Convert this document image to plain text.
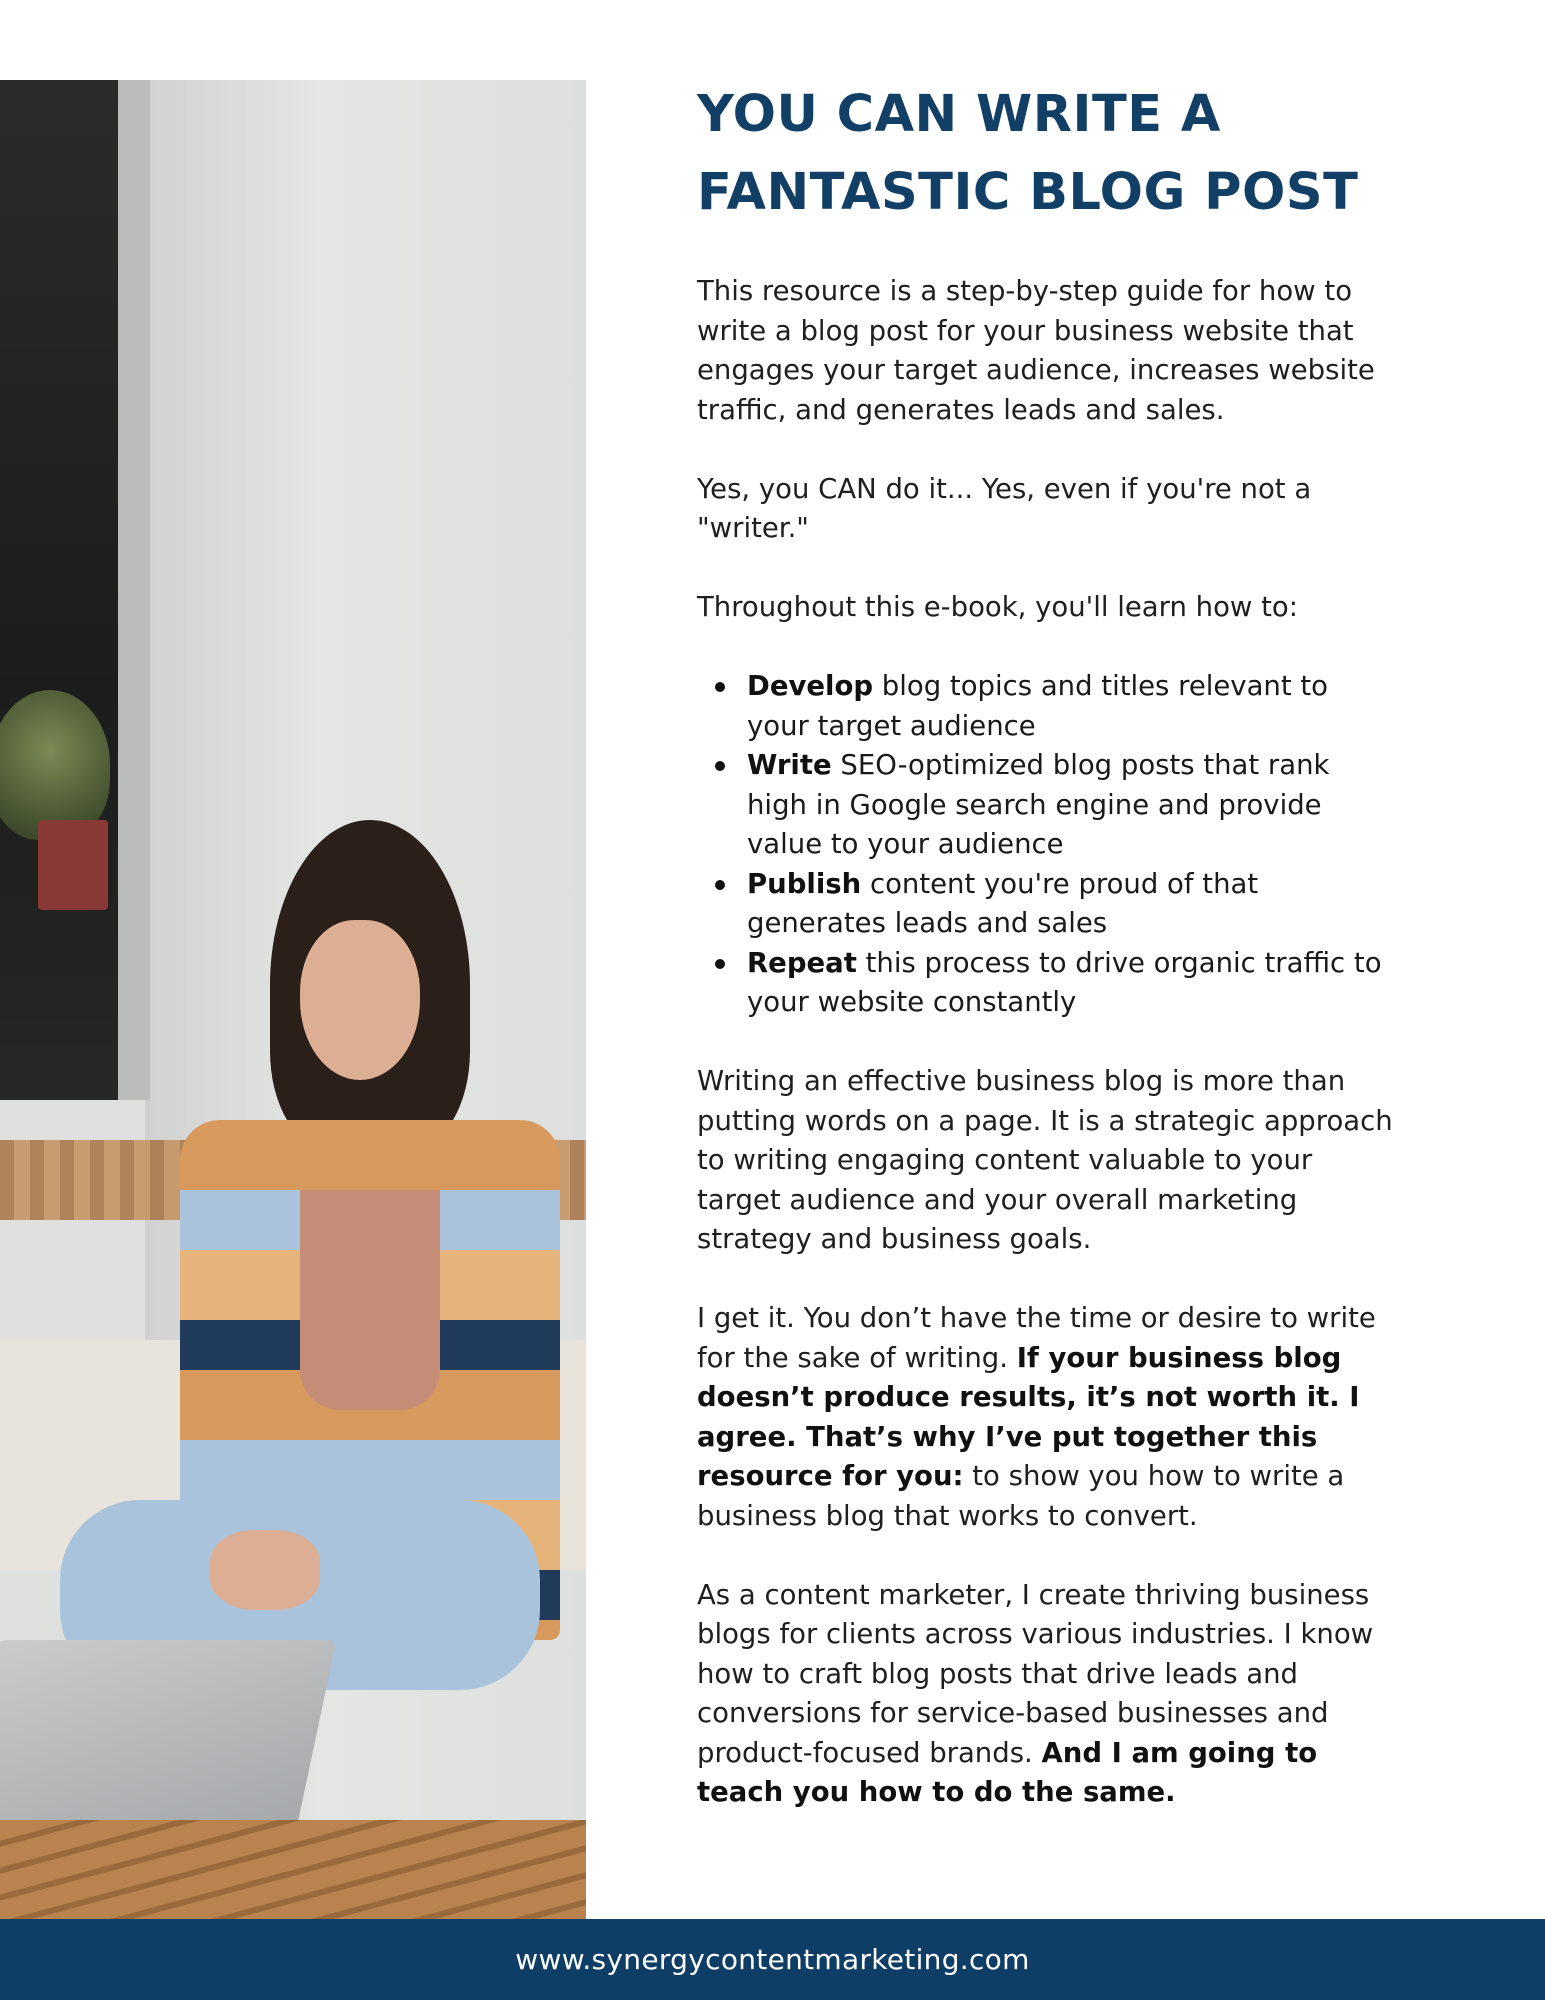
YOU CAN WRITE A
FANTASTIC BLOG POST

This resource is a step-by-step guide for how to write a blog post for your business website that engages your target audience, increases website traffic, and generates leads and sales.

Yes, you CAN do it... Yes, even if you're not a "writer."

Throughout this e-book, you'll learn how to:

Develop blog topics and titles relevant to your target audience
Write SEO-optimized blog posts that rank high in Google search engine and provide value to your audience
Publish content you're proud of that generates leads and sales
Repeat this process to drive organic traffic to your website constantly

Writing an effective business blog is more than putting words on a page. It is a strategic approach to writing engaging content valuable to your target audience and your overall marketing strategy and business goals.

I get it. You don’t have the time or desire to write for the sake of writing. If your business blog doesn’t produce results, it’s not worth it. I agree. That’s why I’ve put together this resource for you: to show you how to write a business blog that works to convert.

As a content marketer, I create thriving business blogs for clients across various industries. I know how to craft blog posts that drive leads and conversions for service-based businesses and product-focused brands. And I am going to teach you how to do the same.

www.synergycontentmarketing.com
